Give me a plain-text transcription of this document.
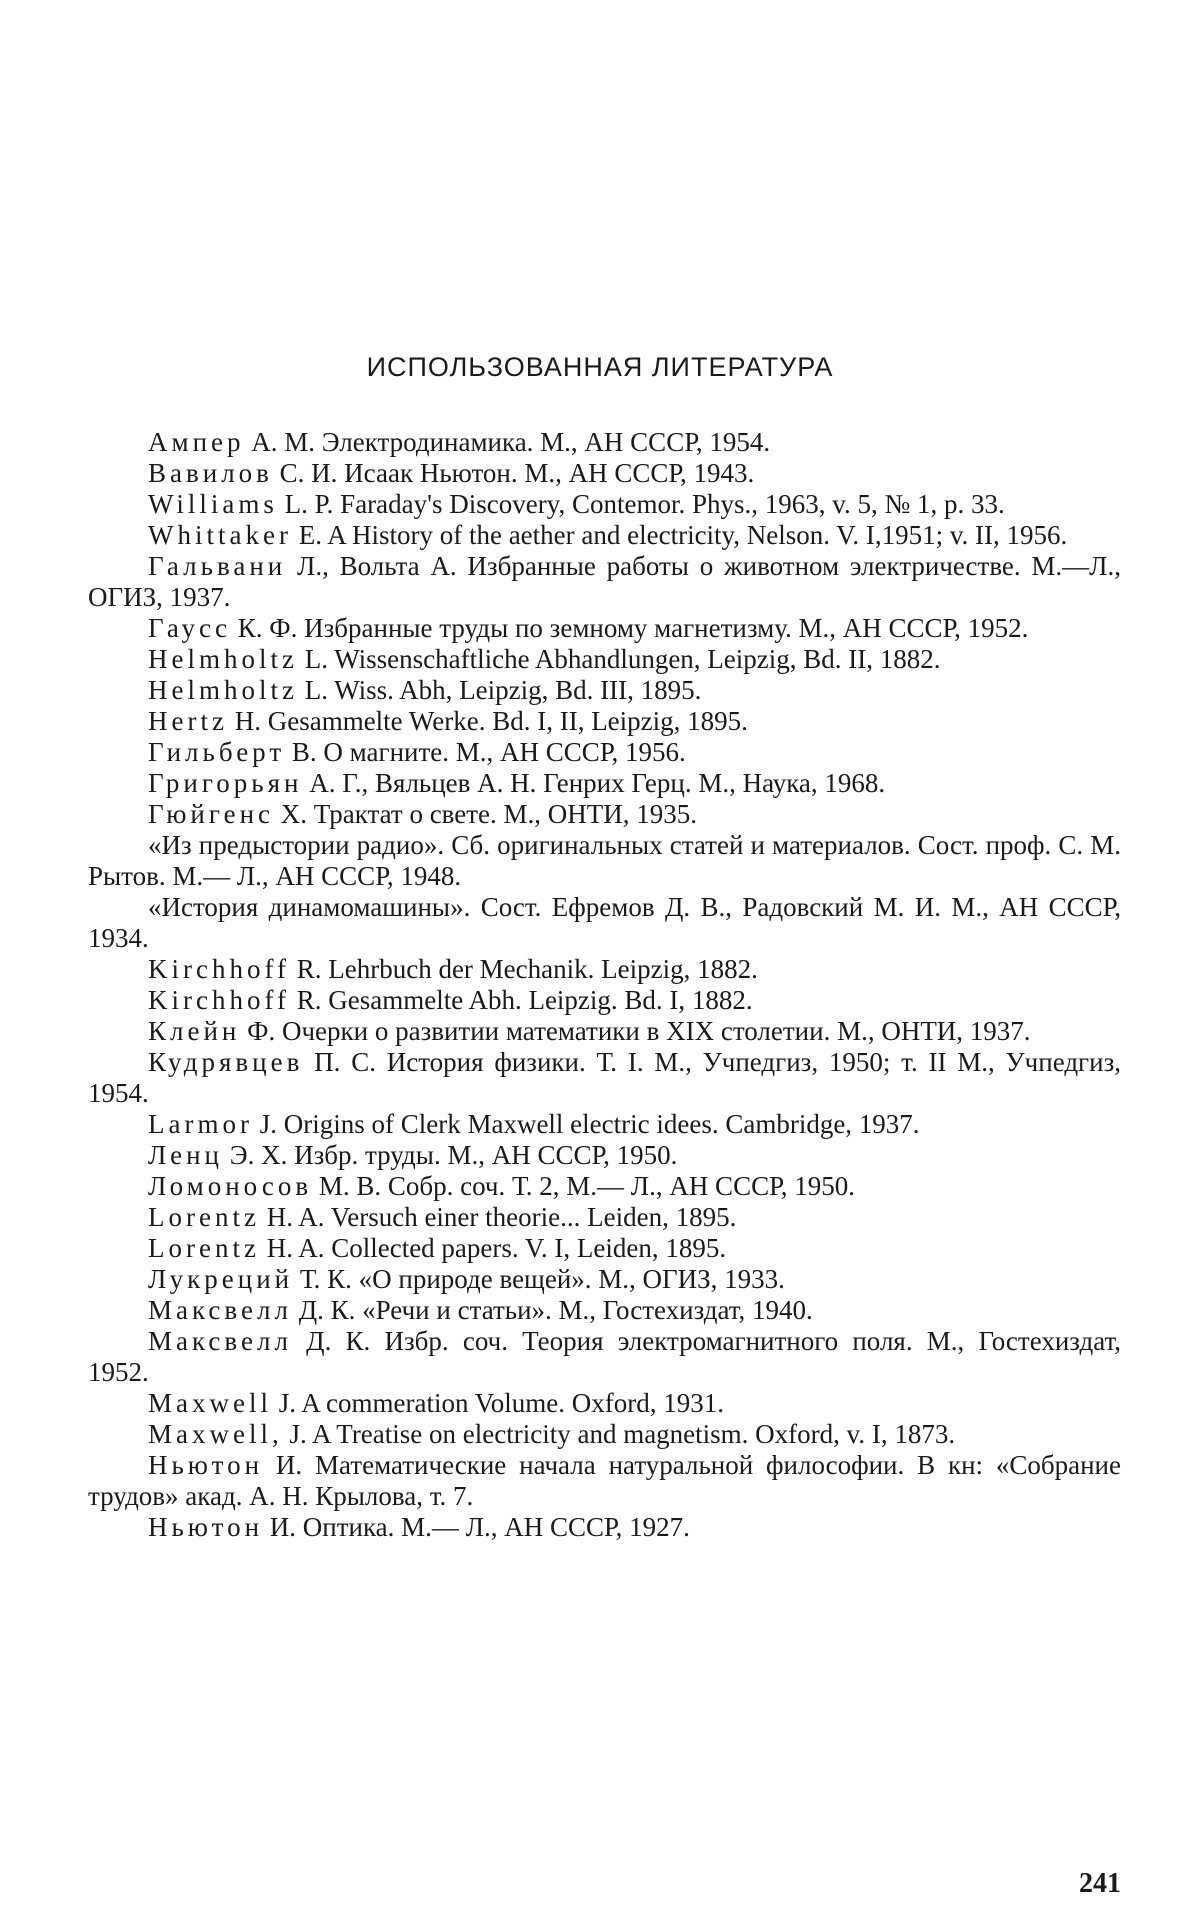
ИСПОЛЬЗОВАННАЯ ЛИТЕРАТУРА

Ампер А. М. Электродинамика. М., АН СССР, 1954.

Вавилов С. И. Исаак Ньютон. М., АН СССР, 1943.

Williams L. P. Faraday's Discovery, Contemor. Phys., 1963, v. 5, № 1, p. 33.

Whittaker E. A History of the aether and electricity, Nelson. V. I,1951; v. II, 1956.

Гальвани Л., Вольта А. Избранные работы о животном электричестве. М.—Л., ОГИЗ, 1937.

Гаусс К. Ф. Избранные труды по земному магнетизму. М., АН СССР, 1952.

Helmholtz L. Wissenschaftliche Abhandlungen, Leipzig, Bd. II, 1882.

Helmholtz L. Wiss. Abh, Leipzig, Bd. III, 1895.

Hertz H. Gesammelte Werke. Bd. I, II, Leipzig, 1895.

Гильберт В. О магните. М., АН СССР, 1956.

Григорьян А. Г., Вяльцев А. Н. Генрих Герц. М., Наука, 1968.

Гюйгенс Х. Трактат о свете. М., ОНТИ, 1935.

«Из предыстории радио». Сб. оригинальных статей и материалов. Сост. проф. С. М. Рытов. М.— Л., АН СССР, 1948.

«История динамомашины». Сост. Ефремов Д. В., Радовский М. И. М., АН СССР, 1934.

Kirchhoff R. Lehrbuch der Mechanik. Leipzig, 1882.

Kirchhoff R. Gesammelte Abh. Leipzig. Bd. I, 1882.

Клейн Ф. Очерки о развитии математики в XIX столетии. М., ОНТИ, 1937.

Кудрявцев П. С. История физики. Т. I. М., Учпедгиз, 1950; т. II М., Учпедгиз, 1954.

Larmor J. Origins of Clerk Maxwell electric idees. Cambridge, 1937.

Ленц Э. Х. Избр. труды. М., АН СССР, 1950.

Ломоносов М. В. Собр. соч. Т. 2, М.— Л., АН СССР, 1950.

Lorentz H. A. Versuch einer theorie... Leiden, 1895.

Lorentz H. A. Collected papers. V. I, Leiden, 1895.

Лукреций Т. К. «О природе вещей». М., ОГИЗ, 1933.

Максвелл Д. К. «Речи и статьи». М., Гостехиздат, 1940.

Максвелл Д. К. Избр. соч. Теория электромагнитного поля. М., Гостехиздат, 1952.

Maxwell J. A commeration Volume. Oxford, 1931.

Maxwell, J. A Treatise on electricity and magnetism. Oxford, v. I, 1873.

Ньютон И. Математические начала натуральной философии. В кн: «Собрание трудов» акад. А. Н. Крылова, т. 7.

Ньютон И. Оптика. М.— Л., АН СССР, 1927.

241
